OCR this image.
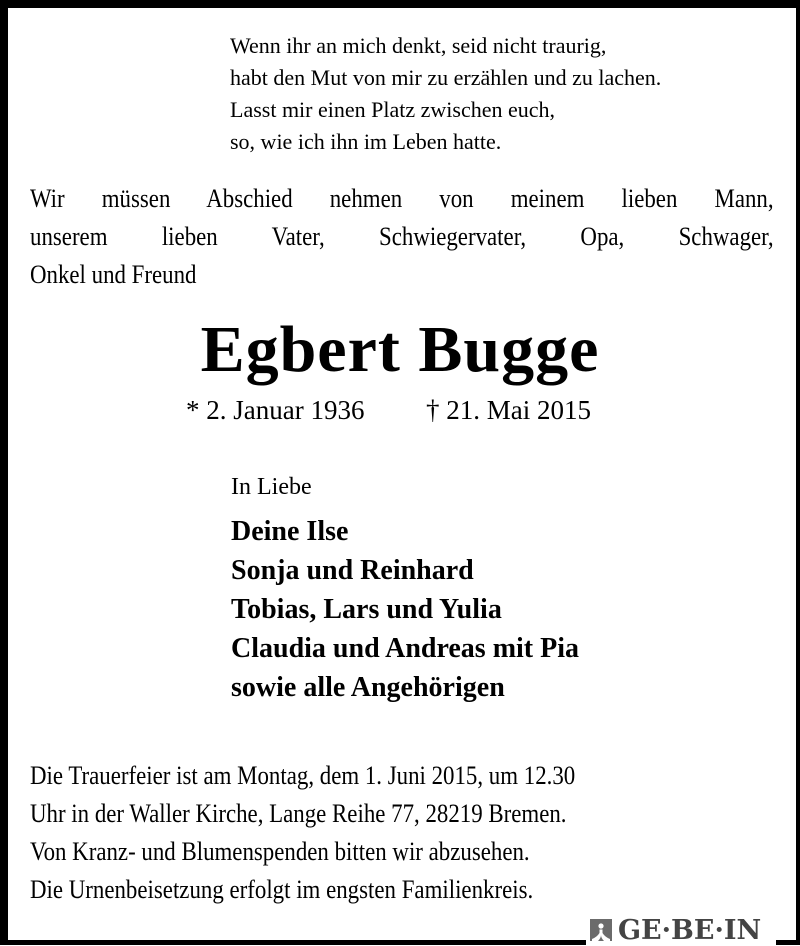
Wenn ihr an mich denkt, seid nicht traurig,
habt den Mut von mir zu erzählen und zu lachen.
Lasst mir einen Platz zwischen euch,
so, wie ich ihn im Leben hatte.
Wir müssen Abschied nehmen von meinem lieben Mann,
unserem lieben Vater, Schwiegervater, Opa, Schwager,
Onkel und Freund
Egbert Bugge
* 2. Januar 1936 † 21. Mai 2015
In Liebe
Deine Ilse
Sonja und Reinhard
Tobias, Lars und Yulia
Claudia und Andreas mit Pia
sowie alle Angehörigen
Die Trauerfeier ist am Montag, dem 1. Juni 2015, um 12.30
Uhr in der Waller Kirche, Lange Reihe 77, 28219 Bremen.
Von Kranz- und Blumenspenden bitten wir abzusehen.
Die Urnenbeisetzung erfolgt im engsten Familienkreis.
GE·BE·IN
